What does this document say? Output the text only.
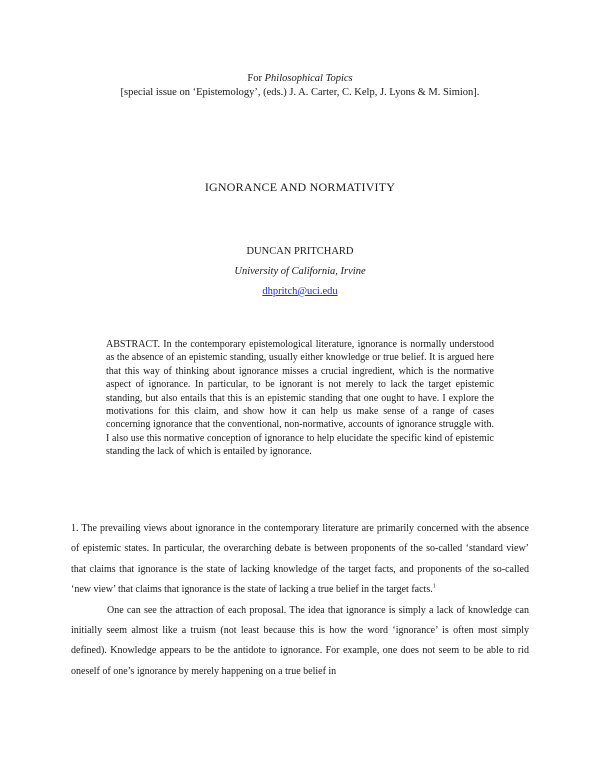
For Philosophical Topics
[special issue on ‘Epistemology’, (eds.) J. A. Carter, C. Kelp, J. Lyons & M. Simion].
IGNORANCE AND NORMATIVITY
DUNCAN PRITCHARD
University of California, Irvine
dhpritch@uci.edu
ABSTRACT. In the contemporary epistemological literature, ignorance is normally understood as the absence of an epistemic standing, usually either knowledge or true belief. It is argued here that this way of thinking about ignorance misses a crucial ingredient, which is the normative aspect of ignorance. In particular, to be ignorant is not merely to lack the target epistemic standing, but also entails that this is an epistemic standing that one ought to have. I explore the motivations for this claim, and show how it can help us make sense of a range of cases concerning ignorance that the conventional, non-normative, accounts of ignorance struggle with. I also use this normative conception of ignorance to help elucidate the specific kind of epistemic standing the lack of which is entailed by ignorance.

1. The prevailing views about ignorance in the contemporary literature are primarily concerned with the absence of epistemic states. In particular, the overarching debate is between proponents of the so-called ‘standard view’ that claims that ignorance is the state of lacking knowledge of the target facts, and proponents of the so-called ‘new view’ that claims that ignorance is the state of lacking a true belief in the target facts.$^1$

One can see the attraction of each proposal. The idea that ignorance is simply a lack of knowledge can initially seem almost like a truism (not least because this is how the word ‘ignorance’ is often most simply defined). Knowledge appears to be the antidote to ignorance. For example, one does not seem to be able to rid oneself of one’s ignorance by merely happening on a true belief in
